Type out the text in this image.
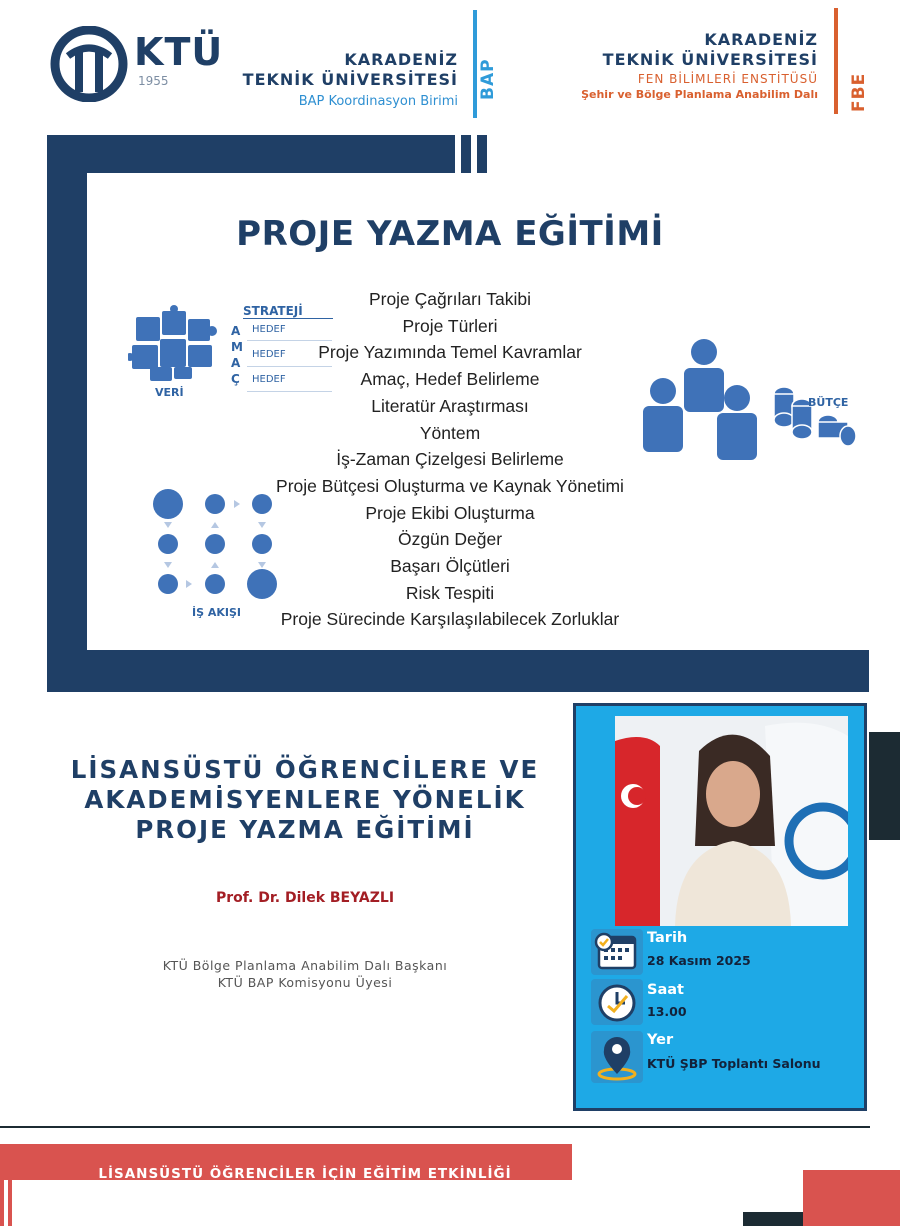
KTÜ
1955
KARADENİZ
TEKNİK ÜNİVERSİTESİ
BAP Koordinasyon Birimi
BAP
KARADENİZ
TEKNİK ÜNİVERSİTESİ
FEN BİLİMLERİ ENSTİTÜSÜ
Şehir ve Bölge Planlama Anabilim Dalı FBE
PROJE YAZMA EĞİTİMİ
Proje Çağrıları Takibi
Proje Türleri
Proje Yazımında Temel Kavramlar
Amaç, Hedef Belirleme
Literatür Araştırması
Yöntem
İş-Zaman Çizelgesi Belirleme
Proje Bütçesi Oluşturma ve Kaynak Yönetimi
Proje Ekibi Oluşturma
Özgün Değer
Başarı Ölçütleri
Risk Tespiti
Proje Sürecinde Karşılaşılabilecek Zorluklar
VERİ
STRATEJİ
A
M
A
Ç
HEDEF
HEDEF
HEDEF
EKİP
BÜTÇE
İŞ AKIŞI
LİSANSÜSTÜ ÖĞRENCİLERE VE
AKADEMİSYENLERE YÖNELİK
PROJE YAZMA EĞİTİMİ
Prof. Dr. Dilek BEYAZLI
KTÜ Bölge Planlama Anabilim Dalı Başkanı
KTÜ BAP Komisyonu Üyesi
Tarih
28 Kasım 2025
Saat
13.00
Yer
KTÜ ŞBP Toplantı Salonu
LİSANSÜSTÜ ÖĞRENCİLER İÇİN EĞİTİM ETKİNLİĞİ
